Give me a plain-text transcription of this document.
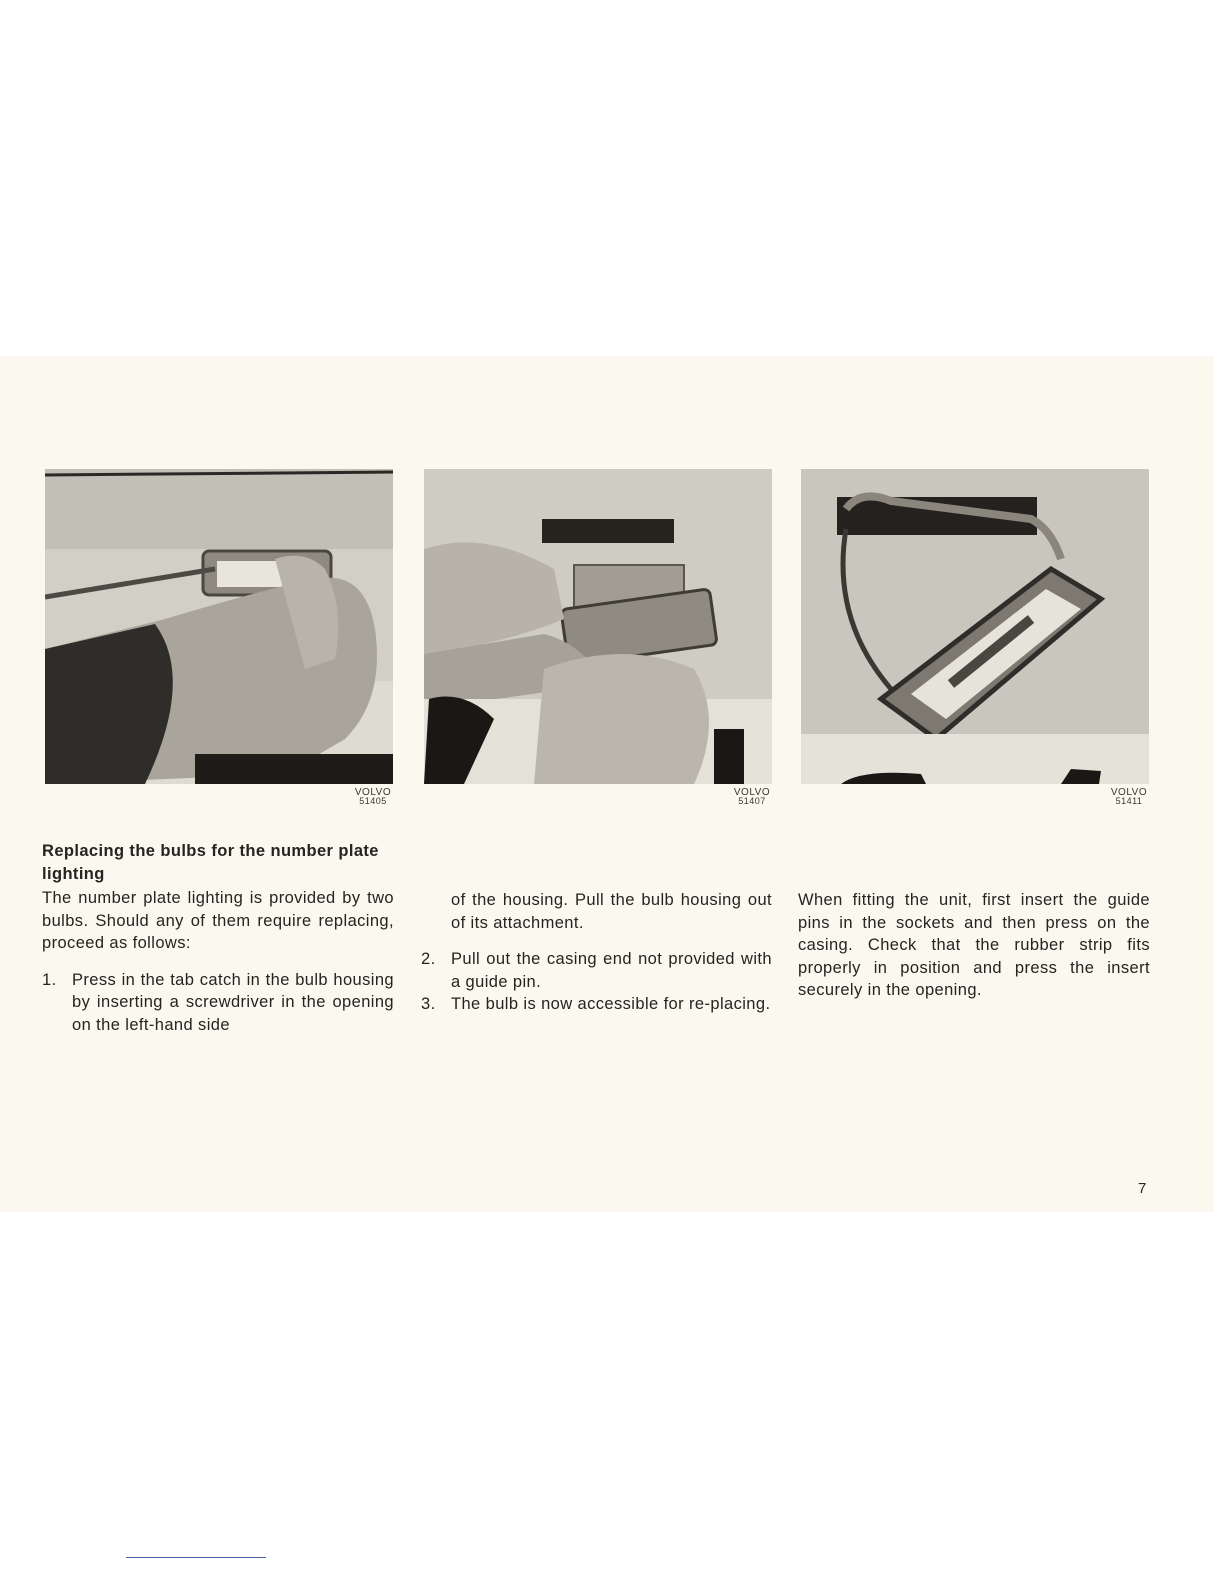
VOLVO
51405
VOLVO
51407
VOLVO
51411

Replacing the bulbs for the number plate lighting

The number plate lighting is provided by two bulbs. Should any of them require replacing, proceed as follows:

1. Press in the tab catch in the bulb housing by inserting a screwdriver in the opening on the left-hand side

of the housing. Pull the bulb housing out of its attachment.

2. Pull out the casing end not provided with a guide pin.

3. The bulb is now accessible for re-placing.

When fitting the unit, first insert the guide pins in the sockets and then press on the casing. Check that the rubber strip fits properly in position and press the insert securely in the opening.

7
